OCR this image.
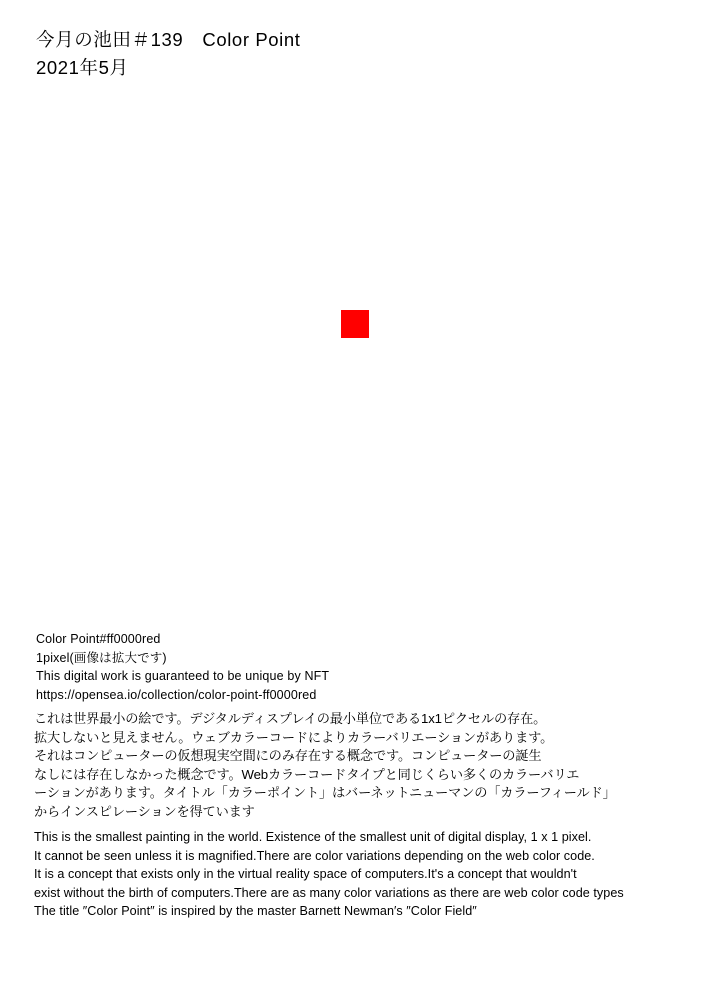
今月の池田＃139　Color Point
2021年5月
Color Point#ff0000red
1pixel(画像は拡大です)
This digital work is guaranteed to be unique by NFT
https://opensea.io/collection/color-point-ff0000red
これは世界最小の絵です。デジタルディスプレイの最小単位である1x1ピクセルの存在。
拡大しないと見えません。ウェブカラーコードによりカラーバリエーションがあります。
それはコンピューターの仮想現実空間にのみ存在する概念です。コンピューターの誕生
なしには存在しなかった概念です。Webカラーコードタイプと同じくらい多くのカラーバリエ
ーションがあります。タイトル「カラーポイント」はバーネットニューマンの「カラーフィールド」
からインスピレーションを得ています
This is the smallest painting in the world. Existence of the smallest unit of digital display, 1 x 1 pixel.
It cannot be seen unless it is magnified.There are color variations depending on the web color code.
It is a concept that exists only in the virtual reality space of computers.It's a concept that wouldn't
exist without the birth of computers.There are as many color variations as there are web color code types
The title ″Color Point″ is inspired by the master Barnett Newman′s ″Color Field″
